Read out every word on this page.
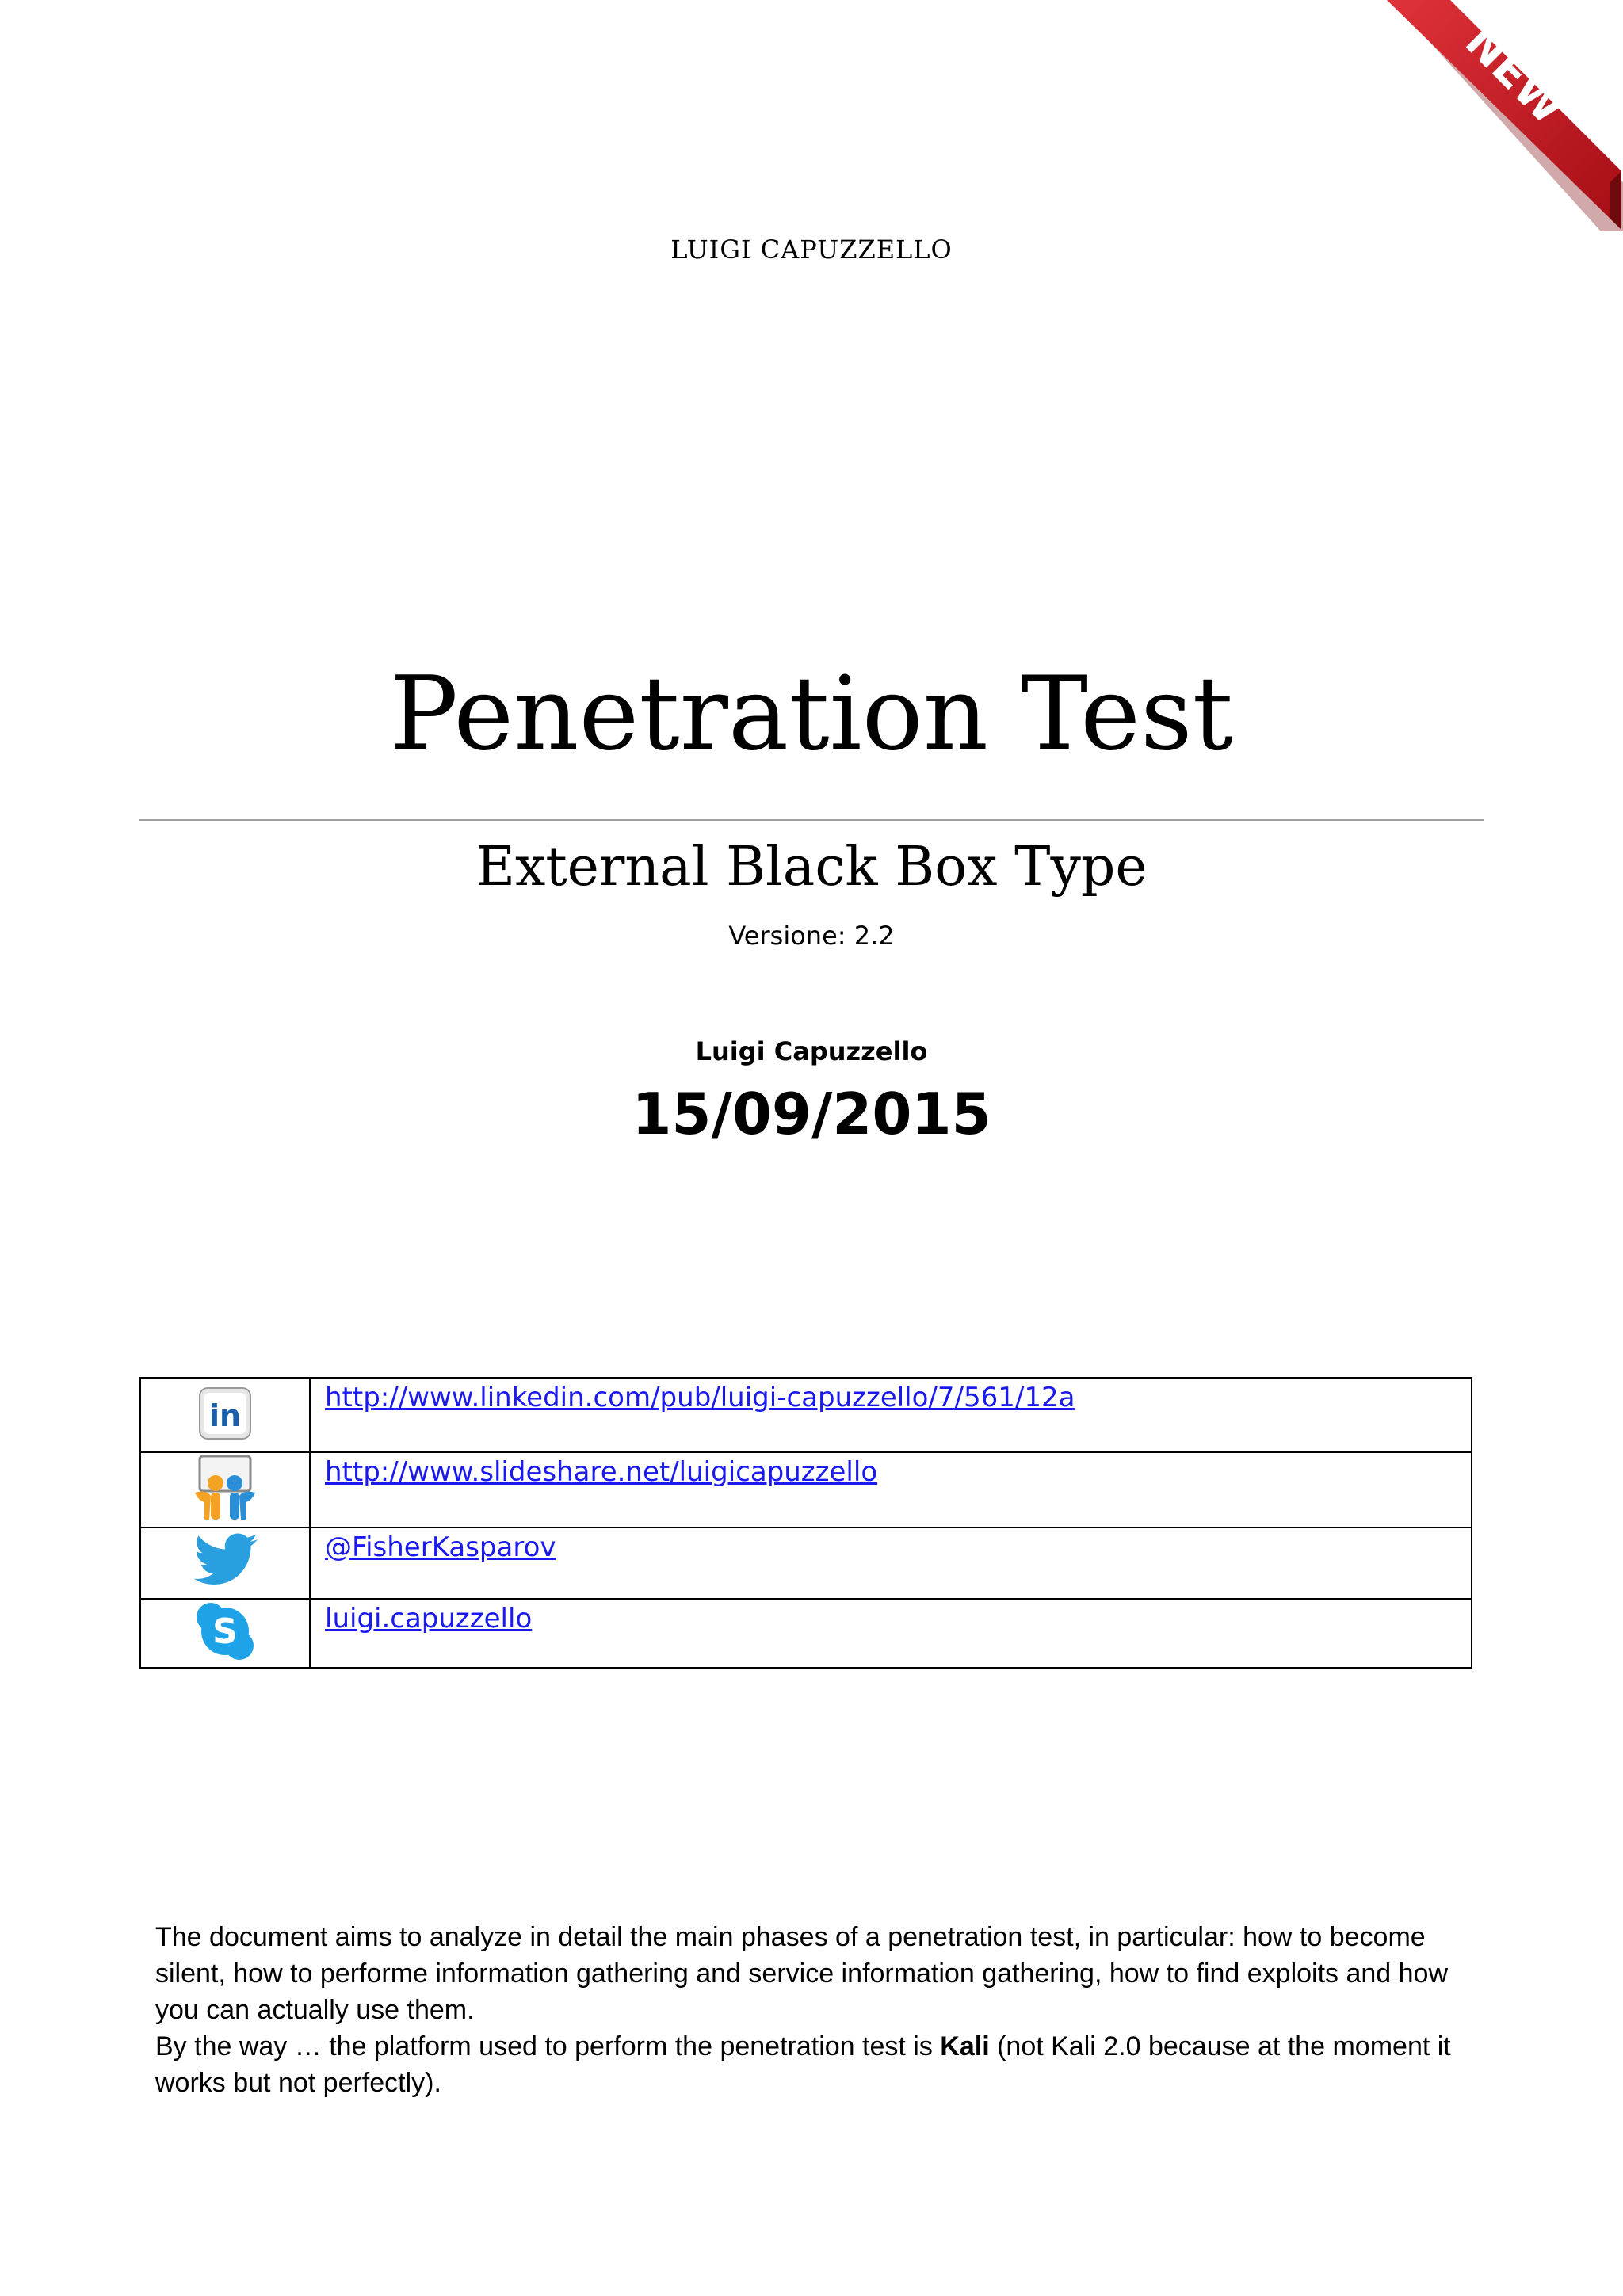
NEW
LUIGI CAPUZZELLO
Penetration Test
External Black Box Type
Versione: 2.2
Luigi Capuzzello
15/09/2015
in	http://www.linkedin.com/pub/luigi-capuzzello/7/561/12a
	http://www.slideshare.net/luigicapuzzello
	@FisherKasparov

S	luigi.capuzzello

The document aims to analyze in detail the main phases of a penetration test, in particular: how to become silent, how to performe information gathering and service information gathering, how to find exploits and how you can actually use them.

By the way … the platform used to perform the penetration test is Kali (not Kali 2.0 because at the moment it works but not perfectly).
